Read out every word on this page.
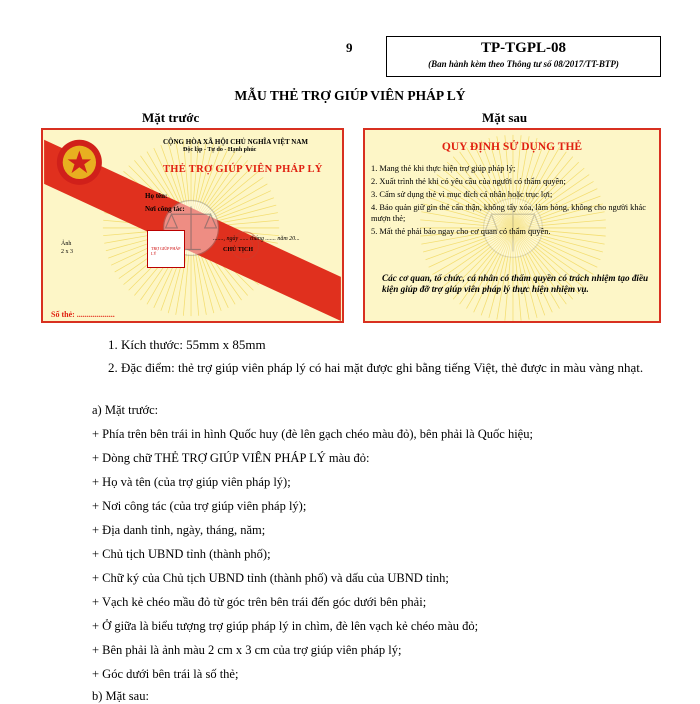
9	TP-TGPL-08
(Ban hành kèm theo Thông tư số 08/2017/TT-BTP)
MẪU THẺ TRỢ GIÚP VIÊN PHÁP LÝ
Mặt trước	Mặt sau
CỘNG HÒA XÃ HỘI CHỦ NGHĨA VIỆT NAM
Độc lập - Tự do - Hạnh phúc
THẺ TRỢ GIÚP VIÊN PHÁP LÝ
Họ tên:
Nơi công tác:
......., ngày ...... tháng ....... năm 20...
CHỦ TỊCH
TRỢ GIÚP PHÁP LÝ
Ảnh
2 x 3
Số thẻ: ...................
QUY ĐỊNH SỬ DỤNG THẺ
1. Mang thẻ khi thực hiện trợ giúp pháp lý;
2. Xuất trình thẻ khi có yêu cầu của người có thẩm quyền;
3. Cấm sử dụng thẻ vì mục đích cá nhân hoặc trục lợi;
4. Bảo quản giữ gìn thẻ cẩn thận, không tẩy xóa, làm hỏng, không cho người khác mượn thẻ;
5. Mất thẻ phải báo ngay cho cơ quan có thẩm quyền.
Các cơ quan, tổ chức, cá nhân có thẩm quyền có trách nhiệm tạo điều kiện giúp đỡ trợ giúp viên pháp lý thực hiện nhiệm vụ.

1. Kích thước: 55mm x 85mm

2. Đặc điểm: thẻ trợ giúp viên pháp lý có hai mặt được ghi bằng tiếng Việt, thẻ được in màu vàng nhạt.

a) Mặt trước:

+ Phía trên bên trái in hình Quốc huy (đè lên gạch chéo màu đỏ), bên phải là Quốc hiệu;

+ Dòng chữ THẺ TRỢ GIÚP VIÊN PHÁP LÝ màu đỏ:

+ Họ và tên (của trợ giúp viên pháp lý);

+ Nơi công tác (của trợ giúp viên pháp lý);

+ Địa danh tỉnh, ngày, tháng, năm;

+ Chủ tịch UBND tỉnh (thành phố);

+ Chữ ký của Chủ tịch UBND tỉnh (thành phố) và dấu của UBND tỉnh;

+ Vạch kẻ chéo mầu đỏ từ góc trên bên trái đến góc dưới bên phải;

+ Ở giữa là biểu tượng trợ giúp pháp lý in chìm, đè lên vạch kẻ chéo màu đỏ;

+ Bên phải là ảnh màu 2 cm x 3 cm của trợ giúp viên pháp lý;

+ Góc dưới bên trái là số thẻ;

b) Mặt sau:
